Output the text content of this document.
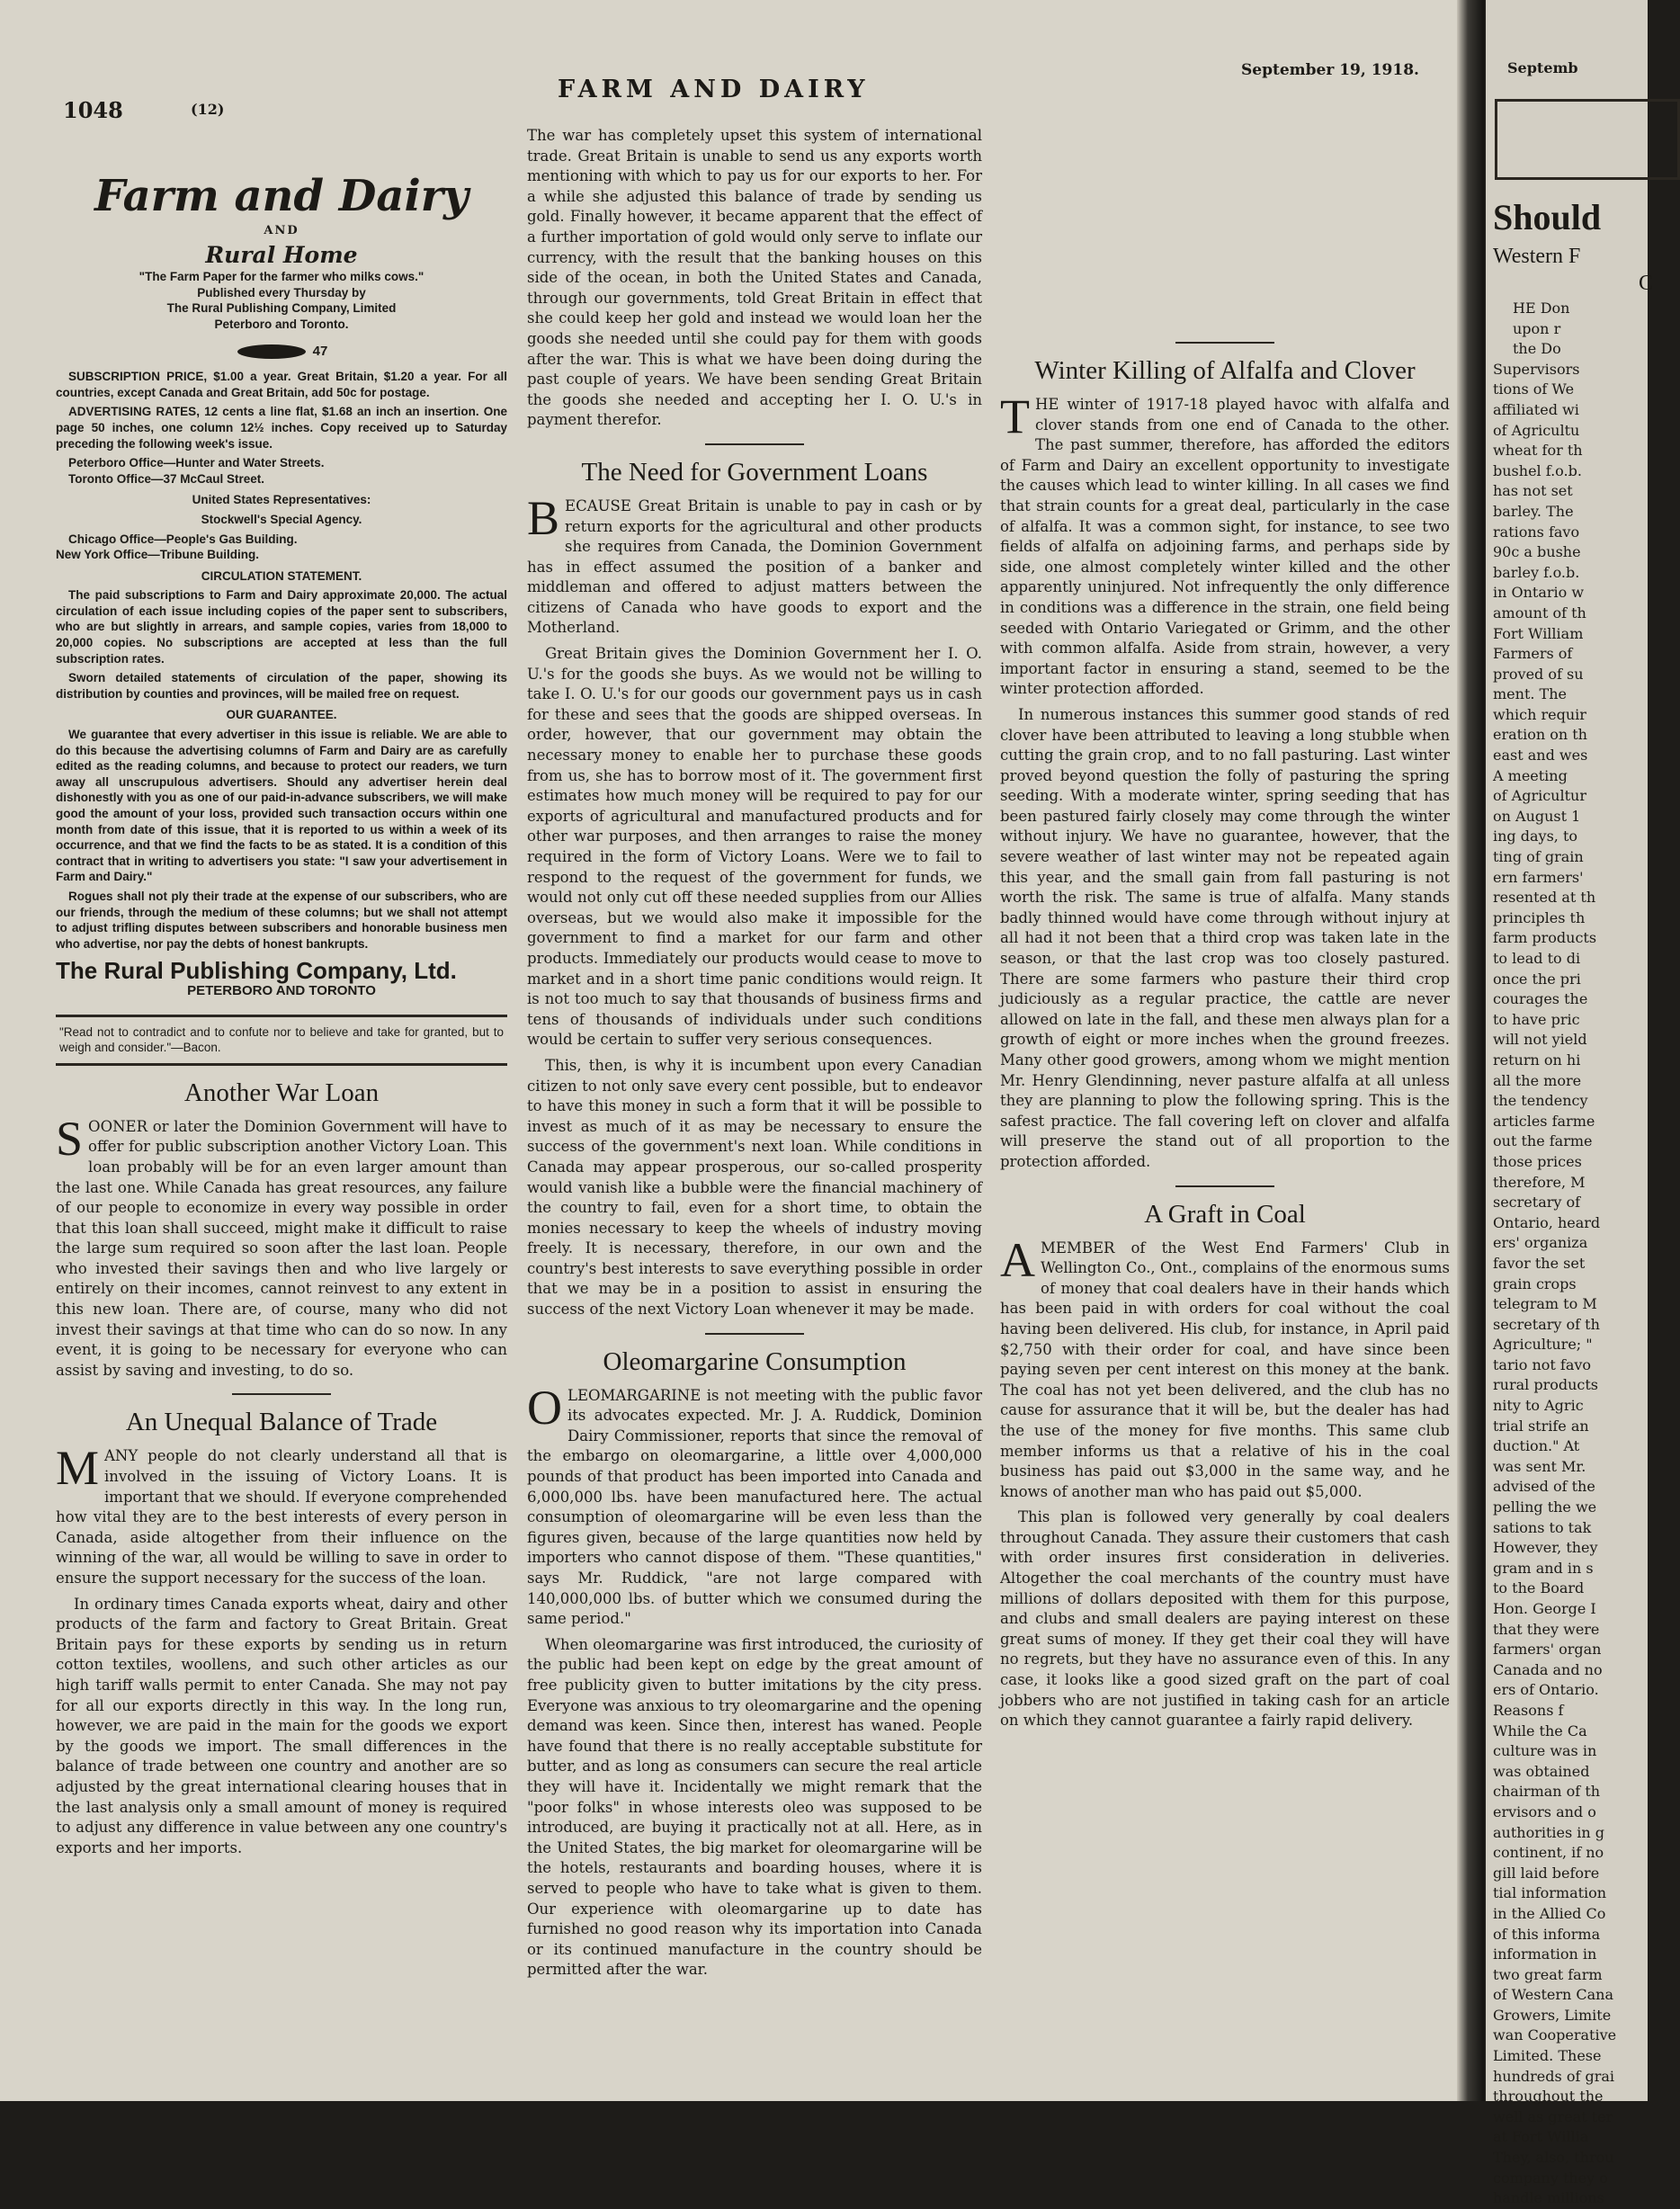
1048	(12)
FARM AND DAIRY
September 19, 1918.
Farm and Dairy
AND
Rural Home
"The Farm Paper for the farmer who milks cows."
Published every Thursday by
The Rural Publishing Company, Limited
Peterboro and Toronto.
47

SUBSCRIPTION PRICE, $1.00 a year. Great Britain, $1.20 a year. For all countries, except Canada and Great Britain, add 50c for postage.

ADVERTISING RATES, 12 cents a line flat, $1.68 an inch an insertion. One page 50 inches, one column 12½ inches. Copy received up to Saturday preceding the following week's issue.

Peterboro Office—Hunter and Water Streets.

Toronto Office—37 McCaul Street.

United States Representatives:

Stockwell's Special Agency.

Chicago Office—People's Gas Building.

New York Office—Tribune Building.

CIRCULATION STATEMENT.

The paid subscriptions to Farm and Dairy approximate 20,000. The actual circulation of each issue including copies of the paper sent to subscribers, who are but slightly in arrears, and sample copies, varies from 18,000 to 20,000 copies. No subscriptions are accepted at less than the full subscription rates.

Sworn detailed statements of circulation of the paper, showing its distribution by counties and provinces, will be mailed free on request.

OUR GUARANTEE.

We guarantee that every advertiser in this issue is reliable. We are able to do this because the advertising columns of Farm and Dairy are as carefully edited as the reading columns, and because to protect our readers, we turn away all unscrupulous advertisers. Should any advertiser herein deal dishonestly with you as one of our paid-in-advance subscribers, we will make good the amount of your loss, provided such transaction occurs within one month from date of this issue, that it is reported to us within a week of its occurrence, and that we find the facts to be as stated. It is a condition of this contract that in writing to advertisers you state: "I saw your advertisement in Farm and Dairy."

Rogues shall not ply their trade at the expense of our subscribers, who are our friends, through the medium of these columns; but we shall not attempt to adjust trifling disputes between subscribers and honorable business men who advertise, nor pay the debts of honest bankrupts.

The Rural Publishing Company, Ltd.
PETERBORO AND TORONTO
"Read not to contradict and to confute nor to believe and take for granted, but to weigh and consider."—Bacon.
Another War Loan

SOONER or later the Dominion Government will have to offer for public subscription another Victory Loan. This loan probably will be for an even larger amount than the last one. While Canada has great resources, any failure of our people to economize in every way possible in order that this loan shall succeed, might make it difficult to raise the large sum required so soon after the last loan. People who invested their savings then and who live largely or entirely on their incomes, cannot reinvest to any extent in this new loan. There are, of course, many who did not invest their savings at that time who can do so now. In any event, it is going to be necessary for everyone who can assist by saving and investing, to do so.

An Unequal Balance of Trade

MANY people do not clearly understand all that is involved in the issuing of Victory Loans. It is important that we should. If everyone comprehended how vital they are to the best interests of every person in Canada, aside altogether from their influence on the winning of the war, all would be willing to save in order to ensure the support necessary for the success of the loan.

In ordinary times Canada exports wheat, dairy and other products of the farm and factory to Great Britain. Great Britain pays for these exports by sending us in return cotton textiles, woollens, and such other articles as our high tariff walls permit to enter Canada. She may not pay for all our exports directly in this way. In the long run, however, we are paid in the main for the goods we export by the goods we import. The small differences in the balance of trade between one country and another are so adjusted by the great international clearing houses that in the last analysis only a small amount of money is required to adjust any difference in value between any one country's exports and her imports.

The war has completely upset this system of international trade. Great Britain is unable to send us any exports worth mentioning with which to pay us for our exports to her. For a while she adjusted this balance of trade by sending us gold. Finally however, it became apparent that the effect of a further importation of gold would only serve to inflate our currency, with the result that the banking houses on this side of the ocean, in both the United States and Canada, through our governments, told Great Britain in effect that she could keep her gold and instead we would loan her the goods she needed until she could pay for them with goods after the war. This is what we have been doing during the past couple of years. We have been sending Great Britain the goods she needed and accepting her I. O. U.'s in payment therefor.

The Need for Government Loans

BECAUSE Great Britain is unable to pay in cash or by return exports for the agricultural and other products she requires from Canada, the Dominion Government has in effect assumed the position of a banker and middleman and offered to adjust matters between the citizens of Canada who have goods to export and the Motherland.

Great Britain gives the Dominion Government her I. O. U.'s for the goods she buys. As we would not be willing to take I. O. U.'s for our goods our government pays us in cash for these and sees that the goods are shipped overseas. In order, however, that our government may obtain the necessary money to enable her to purchase these goods from us, she has to borrow most of it. The government first estimates how much money will be required to pay for our exports of agricultural and manufactured products and for other war purposes, and then arranges to raise the money required in the form of Victory Loans. Were we to fail to respond to the request of the government for funds, we would not only cut off these needed supplies from our Allies overseas, but we would also make it impossible for the government to find a market for our farm and other products. Immediately our products would cease to move to market and in a short time panic conditions would reign. It is not too much to say that thousands of business firms and tens of thousands of individuals under such conditions would be certain to suffer very serious consequences.

This, then, is why it is incumbent upon every Canadian citizen to not only save every cent possible, but to endeavor to have this money in such a form that it will be possible to invest as much of it as may be necessary to ensure the success of the government's next loan. While conditions in Canada may appear prosperous, our so-called prosperity would vanish like a bubble were the financial machinery of the country to fail, even for a short time, to obtain the monies necessary to keep the wheels of industry moving freely. It is necessary, therefore, in our own and the country's best interests to save everything possible in order that we may be in a position to assist in ensuring the success of the next Victory Loan whenever it may be made.

Oleomargarine Consumption

OLEOMARGARINE is not meeting with the public favor its advocates expected. Mr. J. A. Ruddick, Dominion Dairy Commissioner, reports that since the removal of the embargo on oleomargarine, a little over 4,000,000 pounds of that product has been imported into Canada and 6,000,000 lbs. have been manufactured here. The actual consumption of oleomargarine will be even less than the figures given, because of the large quantities now held by importers who cannot dispose of them. "These quantities," says Mr. Ruddick, "are not large compared with 140,000,000 lbs. of butter which we consumed during the same period."

When oleomargarine was first introduced, the curiosity of the public had been kept on edge by the great amount of free publicity given to butter imitations by the city press. Everyone was anxious to try oleomargarine and the opening demand was keen. Since then, interest has waned. People have found that there is no really acceptable substitute for butter, and as long as consumers can secure the real article they will have it. Incidentally we might remark that the "poor folks" in whose interests oleo was supposed to be introduced, are buying it practically not at all. Here, as in the United States, the big market for oleomargarine will be the hotels, restaurants and boarding houses, where it is served to people who have to take what is given to them. Our experience with oleomargarine up to date has furnished no good reason why its importation into Canada or its continued manufacture in the country should be permitted after the war.

Winter Killing of Alfalfa and Clover

THE winter of 1917-18 played havoc with alfalfa and clover stands from one end of Canada to the other. The past summer, therefore, has afforded the editors of Farm and Dairy an excellent opportunity to investigate the causes which lead to winter killing. In all cases we find that strain counts for a great deal, particularly in the case of alfalfa. It was a common sight, for instance, to see two fields of alfalfa on adjoining farms, and perhaps side by side, one almost completely winter killed and the other apparently uninjured. Not infrequently the only difference in conditions was a difference in the strain, one field being seeded with Ontario Variegated or Grimm, and the other with common alfalfa. Aside from strain, however, a very important factor in ensuring a stand, seemed to be the winter protection afforded.

In numerous instances this summer good stands of red clover have been attributed to leaving a long stubble when cutting the grain crop, and to no fall pasturing. Last winter proved beyond question the folly of pasturing the spring seeding. With a moderate winter, spring seeding that has been pastured fairly closely may come through the winter without injury. We have no guarantee, however, that the severe weather of last winter may not be repeated again this year, and the small gain from fall pasturing is not worth the risk. The same is true of alfalfa. Many stands badly thinned would have come through without injury at all had it not been that a third crop was taken late in the season, or that the last crop was too closely pastured. There are some farmers who pasture their third crop judiciously as a regular practice, the cattle are never allowed on late in the fall, and these men always plan for a growth of eight or more inches when the ground freezes. Many other good growers, among whom we might mention Mr. Henry Glendinning, never pasture alfalfa at all unless they are planning to plow the following spring. This is the safest practice. The fall covering left on clover and alfalfa will preserve the stand out of all proportion to the protection afforded.

A Graft in Coal

AMEMBER of the West End Farmers' Club in Wellington Co., Ont., complains of the enormous sums of money that coal dealers have in their hands which has been paid in with orders for coal without the coal having been delivered. His club, for instance, in April paid $2,750 with their order for coal, and have since been paying seven per cent interest on this money at the bank. The coal has not yet been delivered, and the club has no cause for assurance that it will be, but the dealer has had the use of the money for five months. This same club member informs us that a relative of his in the coal business has paid out $3,000 in the same way, and he knows of another man who has paid out $5,000.

This plan is followed very generally by coal dealers throughout Canada. They assure their customers that cash with order insures first consideration in deliveries. Altogether the coal merchants of the country must have millions of dollars deposited with them for this purpose, and clubs and small dealers are paying interest on these great sums of money. If they get their coal they will have no regrets, but they have no assurance even of this. In any case, it looks like a good sized graft on the part of coal jobbers who are not justified in taking cash for an article on which they cannot guarantee a fairly rapid delivery.

Septemb
Should
Western F
C
HE Don
upon r
the Do
Supervisors
tions of We
affiliated wi
of Agricultu
wheat for th
bushel f.o.b.
has not set
barley. The
rations favo
90c a bushe
barley f.o.b.
in Ontario w
amount of th
Fort William
Farmers of
proved of su
ment. The
which requir
eration on th
east and wes
A meeting
of Agricultur
on August 1
ing days, to
ting of grain
ern farmers'
resented at th
principles th
farm products
to lead to di
once the pri
courages the
to have pric
will not yield
return on hi
all the more
the tendency
articles farme
out the farme
those prices
therefore, M
secretary of
Ontario, heard
ers' organiza
favor the set
grain crops
telegram to M
secretary of th
Agriculture; "
tario not favo
rural products
nity to Agric
trial strife an
duction." At
was sent Mr.
advised of the
pelling the we
sations to tak
However, they
gram and in s
to the Board
Hon. George I
that they were
farmers' organ
Canada and no
ers of Ontario.
Reasons f
While the Ca
culture was in
was obtained
chairman of th
ervisors and o
authorities in g
continent, if no
gill laid before
tial information
in the Allied Co
of this informa
information in
two great farm
of Western Cana
Growers, Limite
wan Cooperative
Limited. These
hundreds of grai
throughout the
well as great ter
at Fort Willia
They, also, throu
company they o
handle millions
